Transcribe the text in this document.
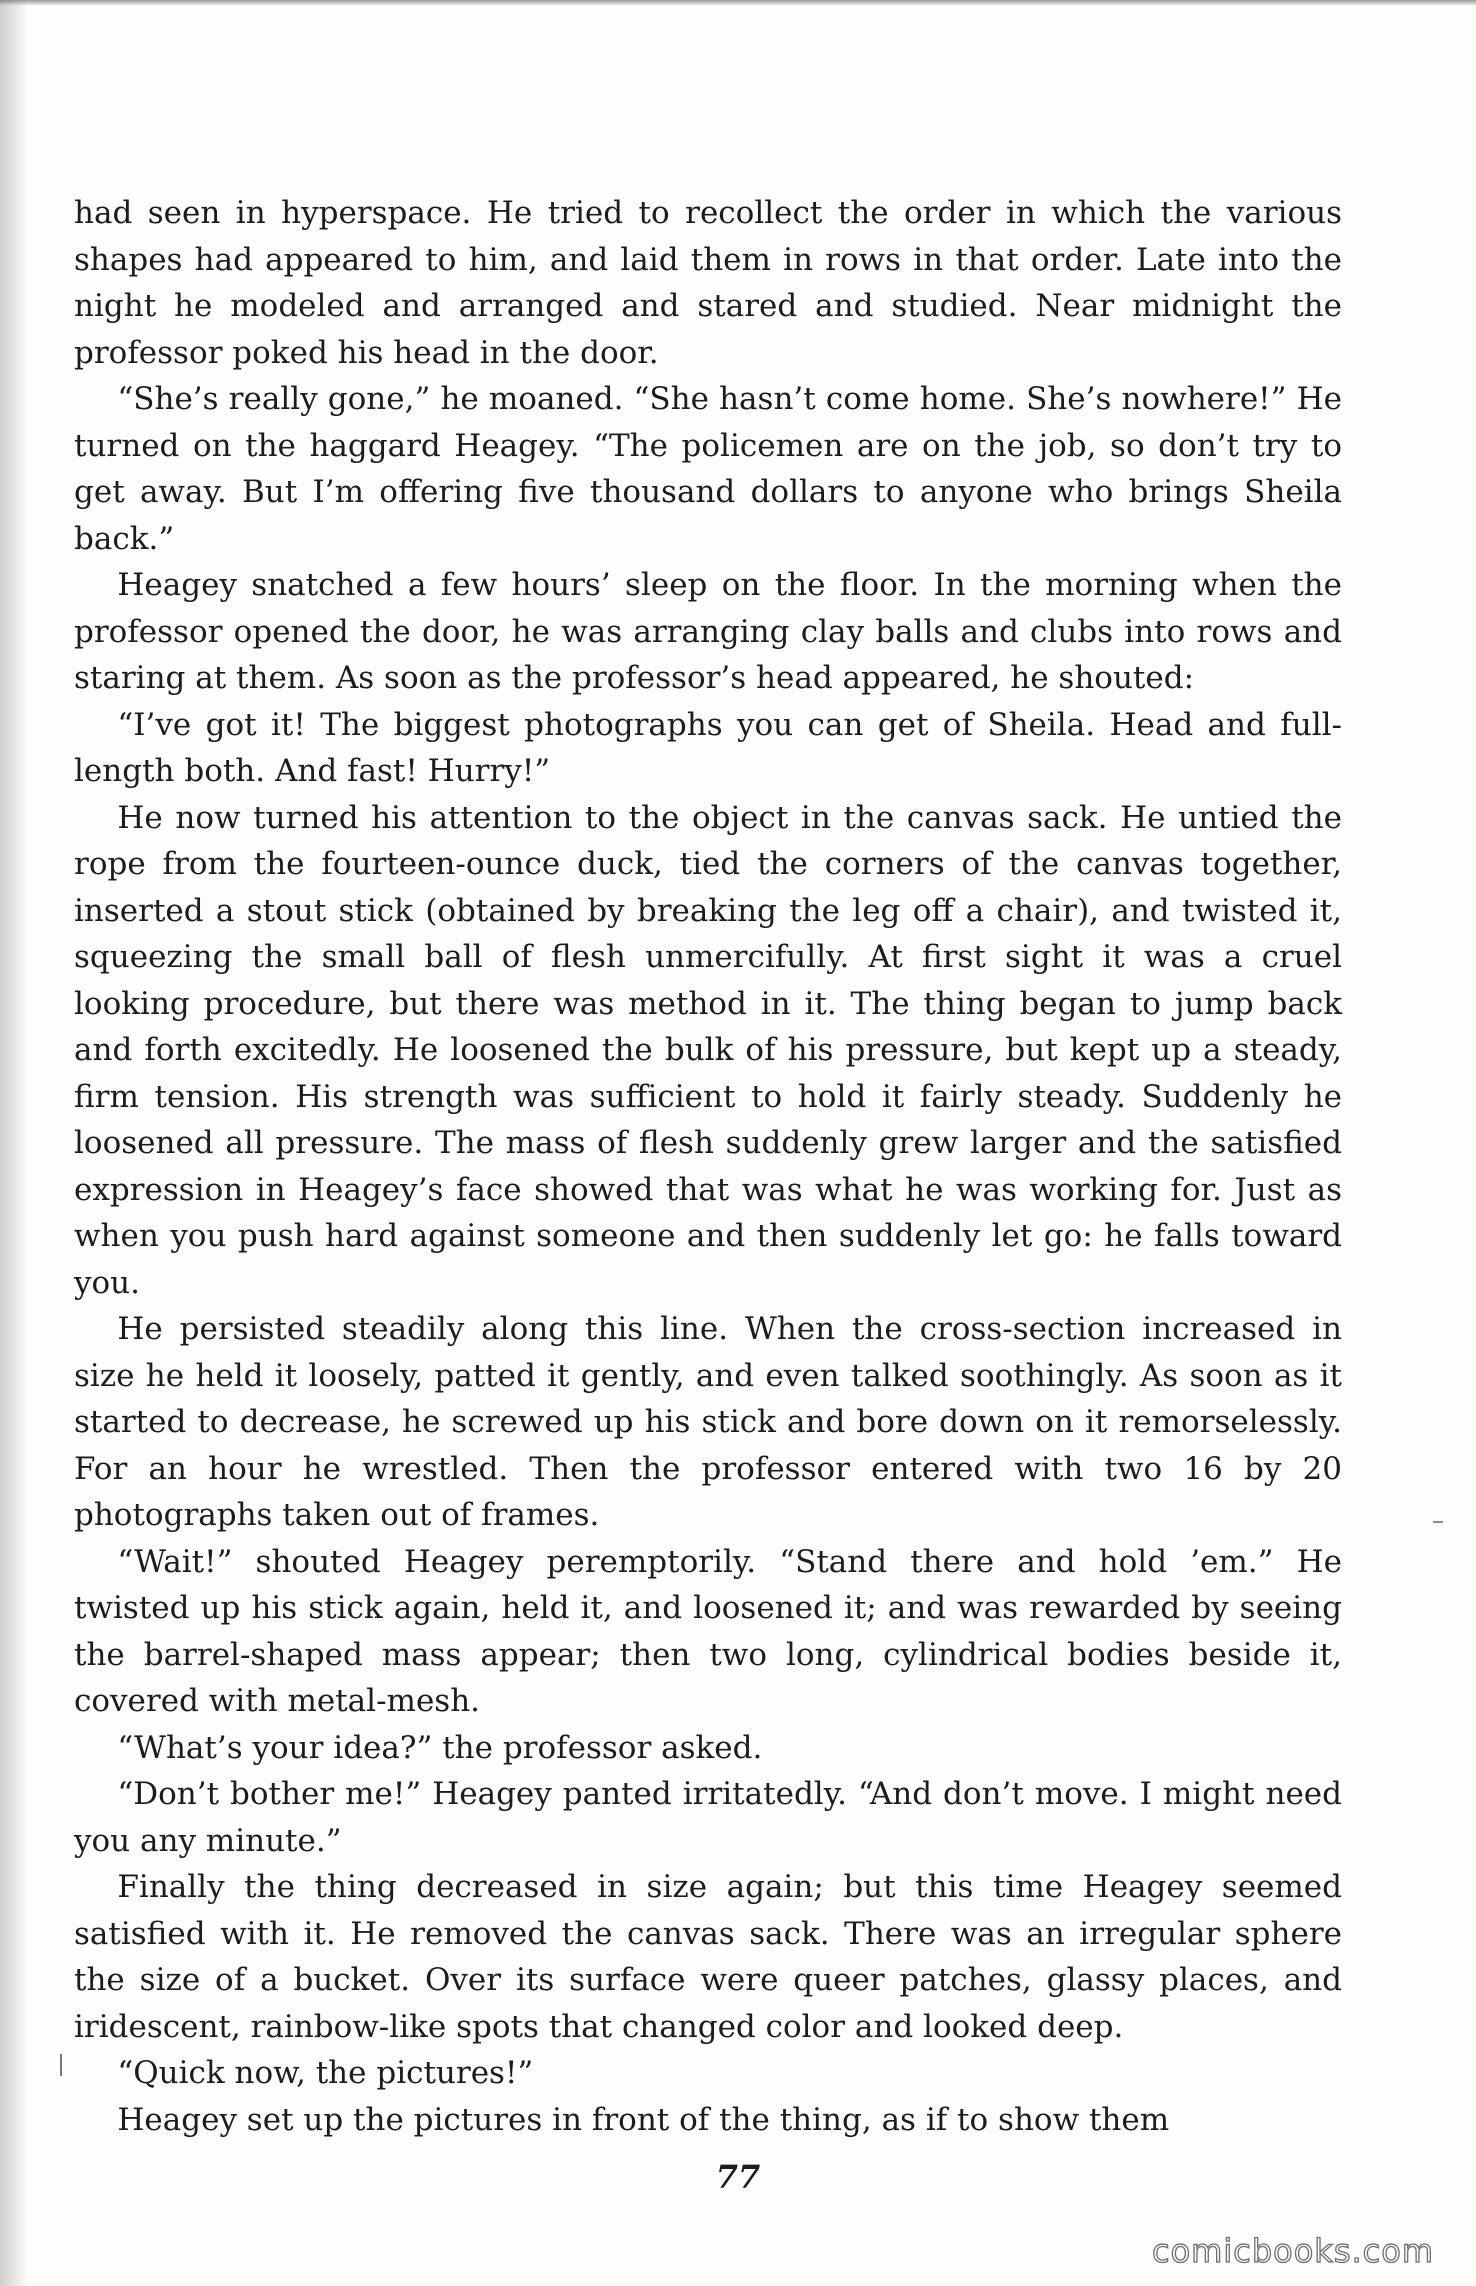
had seen in hyperspace. He tried to recollect the order in which the various shapes had appeared to him, and laid them in rows in that order. Late into the night he modeled and arranged and stared and studied. Near midnight the professor poked his head in the door.

“She’s really gone,” he moaned. “She hasn’t come home. She’s nowhere!” He turned on the haggard Heagey. “The policemen are on the job, so don’t try to get away. But I’m offering five thousand dollars to anyone who brings Sheila back.”

Heagey snatched a few hours’ sleep on the floor. In the morning when the professor opened the door, he was arranging clay balls and clubs into rows and staring at them. As soon as the professor’s head appeared, he shouted:

“I’ve got it! The biggest photographs you can get of Sheila. Head and full-length both. And fast! Hurry!”

He now turned his attention to the object in the canvas sack. He untied the rope from the fourteen-ounce duck, tied the corners of the canvas together, inserted a stout stick (obtained by breaking the leg off a chair), and twisted it, squeezing the small ball of flesh unmercifully. At first sight it was a cruel looking procedure, but there was method in it. The thing began to jump back and forth excitedly. He loosened the bulk of his pressure, but kept up a steady, firm tension. His strength was sufficient to hold it fairly steady. Suddenly he loosened all pressure. The mass of flesh suddenly grew larger and the satisfied expression in Heagey’s face showed that was what he was working for. Just as when you push hard against someone and then suddenly let go: he falls toward you.

He persisted steadily along this line. When the cross-section increased in size he held it loosely, patted it gently, and even talked soothingly. As soon as it started to decrease, he screwed up his stick and bore down on it remorselessly. For an hour he wrestled. Then the professor entered with two 16 by 20 photographs taken out of frames.

“Wait!” shouted Heagey peremptorily. “Stand there and hold ’em.” He twisted up his stick again, held it, and loosened it; and was rewarded by seeing the barrel-shaped mass appear; then two long, cylindrical bodies beside it, covered with metal-mesh.

“What’s your idea?” the professor asked.

“Don’t bother me!” Heagey panted irritatedly. “And don’t move. I might need you any minute.”

Finally the thing decreased in size again; but this time Heagey seemed satisfied with it. He removed the canvas sack. There was an irregular sphere the size of a bucket. Over its surface were queer patches, glassy places, and iridescent, rainbow-like spots that changed color and looked deep.

“Quick now, the pictures!”

Heagey set up the pictures in front of the thing, as if to show them

77
comicbooks.com
